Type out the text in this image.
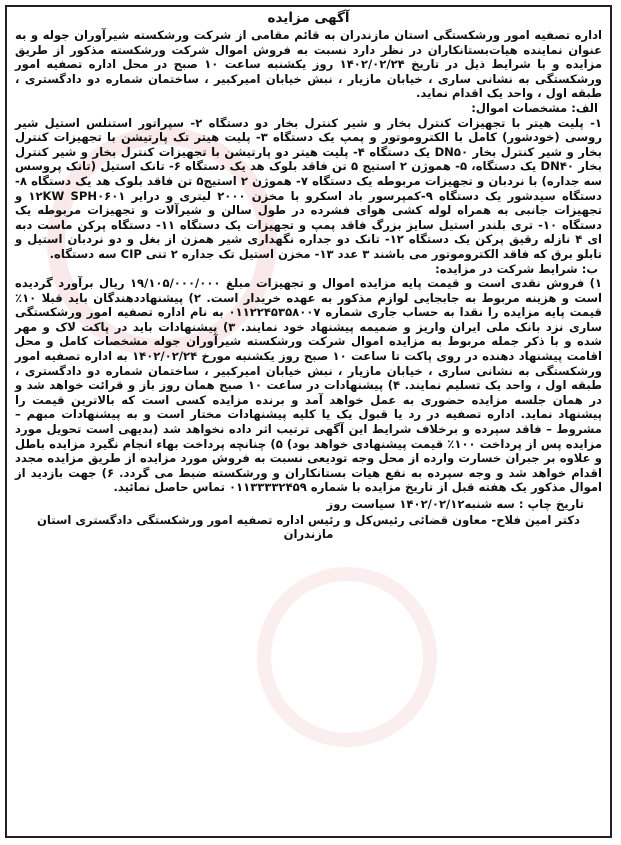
آگهی مزایده

اداره تصفیه امور ورشکستگی استان مازندران به قائم مقامی از شرکت ورشکسته شیرآوران جوله و به عنوان نماینده هیات‌بستانکاران در نظر دارد نسبت به فروش اموال شرکت ورشکسته مذکور از طریق مزایده و با شرایط ذیل در تاریخ ۱۴۰۲/۰۲/۲۴ روز یکشنبه ساعت ۱۰ صبح در محل اداره تصفیه امور ورشکستگی به نشانی ساری ، خیابان مازیار ، نبش خیابان امیرکبیر ، ساختمان شماره دو دادگستری ، طبقه اول ، واحد یک اقدام نماید.

الف: مشخصات اموال:

۱- پلیت هیتر با تجهیزات کنترل بخار و شیر کنترل بخار دو دستگاه ۲- سپراتور استنلس استیل شیر روسی (خودشور) کامل با الکتروموتور و پمپ یک دستگاه ۳- پلیت هیتر تک پارتیشن با تجهیزات کنترل بخار و شیر کنترل بخار DN۵۰ یک دستگاه ۴- پلیت هیتر دو پارتیشن با تجهیزات کنترل بخار و شیر کنترل بخار DN۴۰ یک دستگاه، ۵- هموژن ۲ استیج ۵ تن فاقد بلوک هد یک دستگاه ۶- تانک استیل (تانک پروسس سه جداره) با نردبان و تجهیزات مربوطه یک دستگاه ۷- هموژن ۲ استیج۵ تن فاقد بلوک هد یک دستگاه ۸- دستگاه سیدشور یک دستگاه ۹-کمپرسور باد اسکرو با مخزن ۲۰۰۰ لیتری و درایر ۱۲KW SPH۰۶۰۱ و تجهیزات جانبی به همراه لوله کشی هوای فشرده در طول سالن و شیرآلات و تجهیزات مربوطه یک دستگاه ۱۰- تری بلندر استیل سایز بزرگ فاقد پمپ و تجهیزات یک دستگاه ۱۱- دستگاه پرکن ماست دبه ای ۴ نازله رقیق پرکن یک دستگاه ۱۲- تانک دو جداره نگهداری شیر همزن از بغل و دو نردبان استیل و تابلو برق که فاقد الکتروموتور می باشند ۳ عدد ۱۳- مخزن استیل تک جداره ۲ تنی CIP سه دستگاه.

ب: شرایط شرکت در مزایده:

۱) فروش نقدی است و قیمت پایه مزایده اموال و تجهیزات مبلغ ۱۹/۱۰۵/۰۰۰/۰۰۰ ریال برآورد گردیده است و هزینه مربوط به جابجایی لوازم مذکور به عهده خریدار است. ۲) پیشنهاددهندگان باید قبلا ۱۰٪ قیمت پایه مزایده را نقدا به حساب جاری شماره ۰۱۱۲۲۴۵۳۵۸۰۰۷ به نام اداره تصفیه امور ورشکستگی ساری نزد بانک ملی ایران واریز و ضمیمه پیشنهاد خود نمایند. ۳) پیشنهادات باید در پاکت لاک و مهر شده و با ذکر جمله مربوط به مزایده اموال شرکت ورشکسته شیرآوران جوله مشخصات کامل و محل اقامت پیشنهاد دهنده در روی پاکت تا ساعت ۱۰ صبح روز یکشنبه مورخ ۱۴۰۲/۰۲/۲۴ به اداره تصفیه امور ورشکستگی به نشانی ساری ، خیابان مازیار ، نبش خیابان امیرکبیر ، ساختمان شماره دو دادگستری ، طبقه اول ، واحد یک تسلیم نمایند. ۴) پیشنهادات در ساعت ۱۰ صبح همان روز باز و قرائت خواهد شد و در همان جلسه مزایده حضوری به عمل خواهد آمد و برنده مزایده کسی است که بالاترین قیمت را پیشنهاد نماید. اداره تصفیه در رد یا قبول یک یا کلیه پیشنهادات مختار است و به پیشنهادات مبهم – مشروط – فاقد سپرده و برخلاف شرایط این آگهی ترتیب اثر داده نخواهد شد (بدیهی است تحویل مورد مزایده پس از پرداخت ۱۰۰٪ قیمت پیشنهادی خواهد بود) ۵) چنانچه پرداخت بهاء انجام نگیرد مزایده باطل و علاوه بر جبران خسارت وارده از محل وجه تودیعی نسبت به فروش مورد مزایده از طریق مزایده مجدد اقدام خواهد شد و وجه سپرده به نفع هیات بستانکاران و ورشکسته ضبط می گردد. ۶) جهت بازدید از اموال مذکور یک هفته قبل از تاریخ مزایده با شماره ۰۱۱۳۳۳۳۲۴۵۹ تماس حاصل نمائید.

تاریخ چاپ : سه شنبه۱۴۰۲/۰۲/۱۲ سیاست روز
دکتر امین فلاح- معاون قضائی رئیس‌کل و رئیس اداره تصفیه امور ورشکستگی دادگستری استان مازندران
